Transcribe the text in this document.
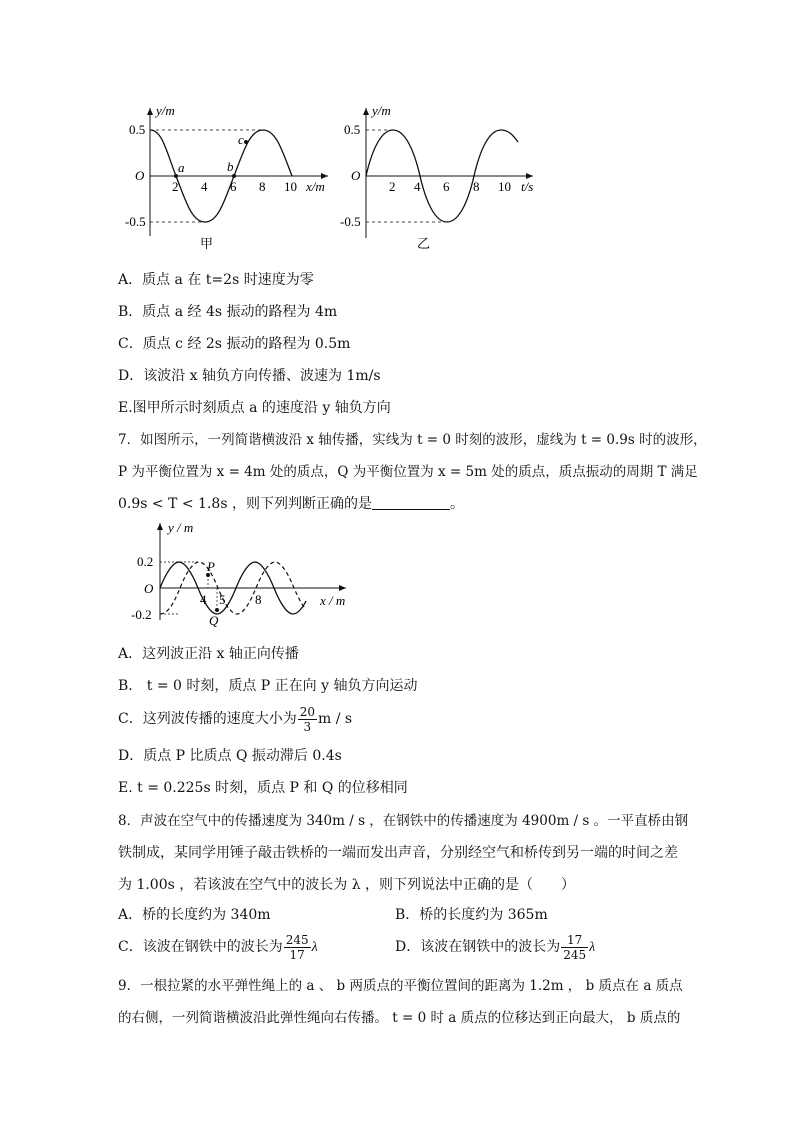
y/m
x/m
O
0.5
-0.5
2 4 6 8 10
a	b
c
甲
y/m
t/s
O
0.5
-0.5
2 4 6 8 10
乙
A．质点 a 在 t=2s 时速度为零
B．质点 a 经 4s 振动的路程为 4m
C．质点 c 经 2s 振动的路程为 0.5m
D．该波沿 x 轴负方向传播、波速为 1m/s
E.图甲所示时刻质点 a 的速度沿 y 轴负方向
7．如图所示，一列简谐横波沿 x 轴传播，实线为 t = 0 时刻的波形，虚线为 t = 0.9s 时的波形，
P 为平衡位置为 x = 4m 处的质点，Q 为平衡位置为 x = 5m 处的质点，质点振动的周期 T 满足
0.9s < T < 1.8s ，则下列判断正确的是	。
y / m
x / m
O
0.2
-0.2
4 5 8
P
Q
A．这列波正沿 x 轴正向传播
B． t = 0 时刻，质点 P 正在向 y 轴负方向运动
C．这列波传播的速度大小为 $\frac{20}{3}$ m / s
D．质点 P 比质点 Q 振动滞后 0.4s
E. t = 0.225s 时刻，质点 P 和 Q 的位移相同
8．声波在空气中的传播速度为 340m / s ，在钢铁中的传播速度为 4900m / s 。一平直桥由钢
铁制成，某同学用锤子敲击铁桥的一端而发出声音，分别经空气和桥传到另一端的时间之差
为 1.00s ，若该波在空气中的波长为 λ ，则下列说法中正确的是（　　）
A．桥的长度约为 340m	B．桥的长度约为 365m
C．该波在钢铁中的波长为 $\frac{245}{17}$ λ	D．该波在钢铁中的波长为 $\frac{17}{245}$ λ
9．一根拉紧的水平弹性绳上的 a 、 b 两质点的平衡位置间的距离为 1.2m ， b 质点在 a 质点
的右侧，一列简谐横波沿此弹性绳向右传播。 t = 0 时 a 质点的位移达到正向最大， b 质点的
